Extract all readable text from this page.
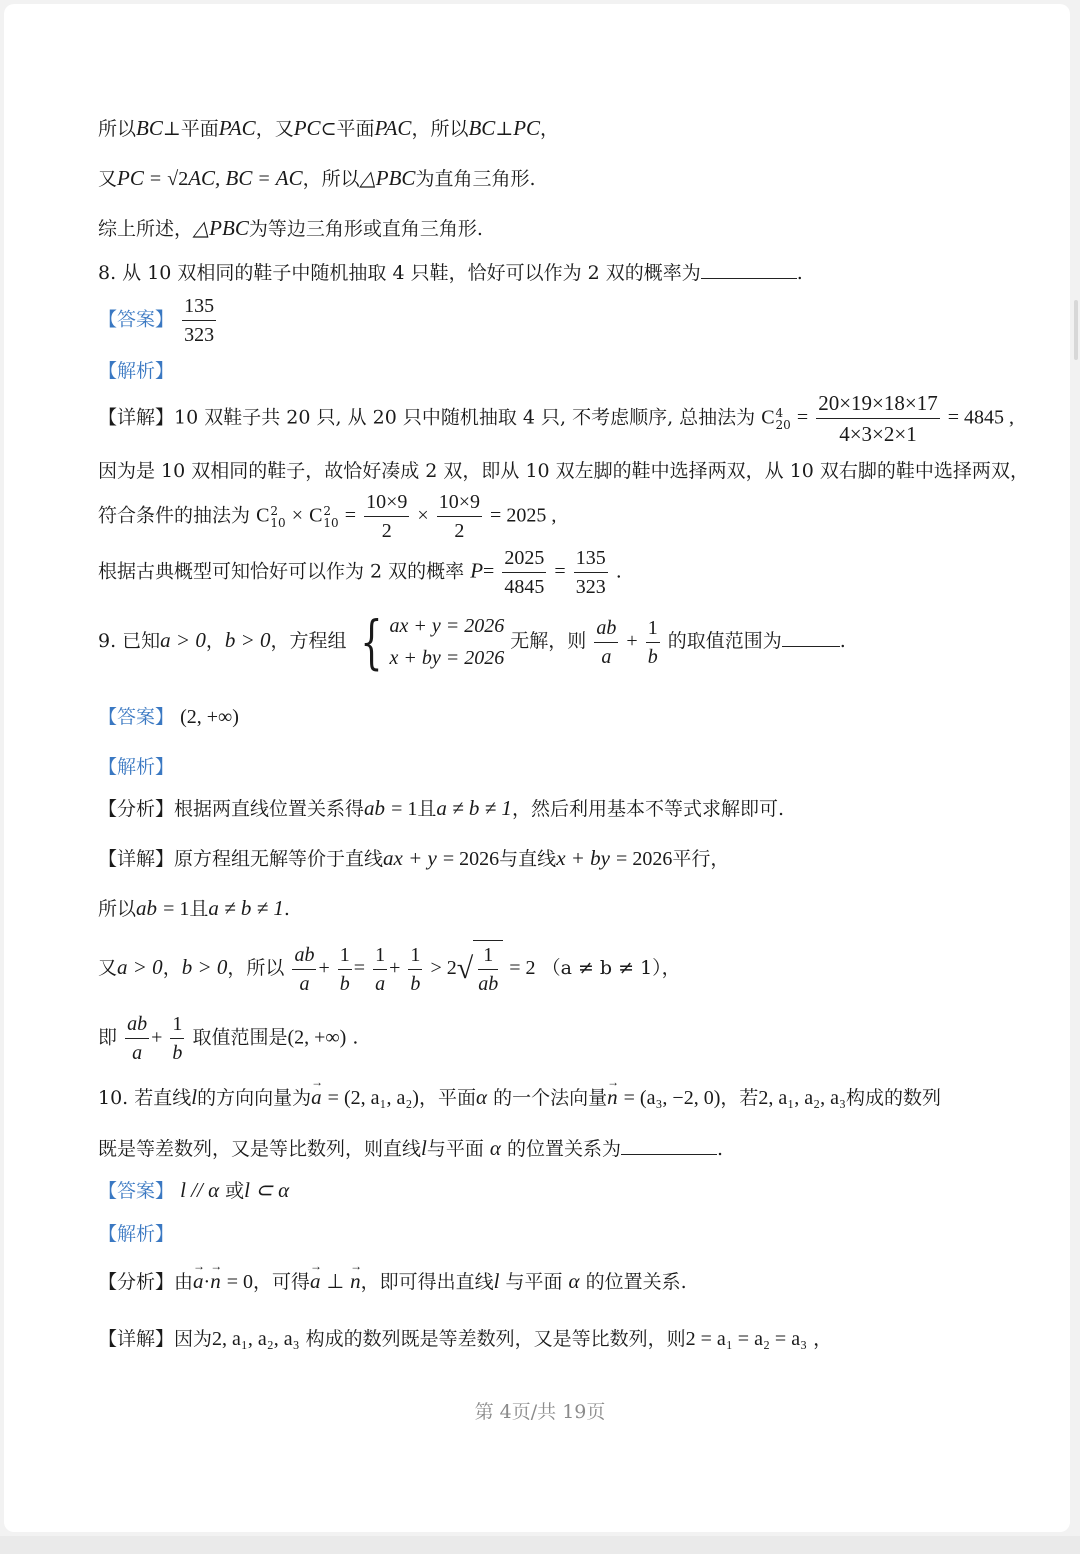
所以BC⊥平面PAC，又PC⊂平面PAC，所以BC⊥PC，
又PC = √2AC, BC = AC，所以△PBC为直角三角形.
综上所述，△PBC为等边三角形或直角三角形.
8. 从 10 双相同的鞋子中随机抽取 4 只鞋，恰好可以作为 2 双的概率为	.
【答案】 $\frac{135}{323}$
【解析】
【详解】10 双鞋子共 20 只, 从 20 只中随机抽取 4 只, 不考虑顺序, 总抽法为 C 4
$20 = \frac{20\times 19\times 18\times 17}{4\times 3\times 2\times 1} = 4845$ ,
因为是 10 双相同的鞋子，故恰好凑成 2 双，即从 10 双左脚的鞋中选择两双，从 10 双右脚的鞋中选择两双，
符合条件的抽法为 C 2
10 × C 2
$10 = \frac{10\times 9}{2} \times \frac{10\times 9}{2} = 2025$ ,
根据古典概型可知恰好可以作为 2 双的概率 $P= \frac{2025}{4845} = \frac{135}{323}$ .
9. 已知a > 0，b > 0，方程组 { ax + y = 2026
x + by = 2026
无解，则 $\frac{ab}{a} + \frac{1}{b}$ 的取值范围为	.
【答案】 (2, +∞)
【解析】
【分析】根据两直线位置关系得ab = 1且a ≠ b ≠ 1，然后利用基本不等式求解即可.
【详解】原方程组无解等价于直线ax + y = 2026与直线x + by = 2026平行，
所以ab = 1且a ≠ b ≠ 1.
又a > 0，b > 0，所以 $\frac{ab}{a} + \frac{1}{b} = \frac{1}{a} + \frac{1}{b} > 2√ \frac{1}{ab} = 2$ （a ≠ b ≠ 1），
即 $\frac{ab}{a} + \frac{1}{b}$ 取值范围是(2, +∞) .
10. 若直线l的方向向量为→ a = (2, a₁, a₂)，平面α 的一个法向量→ n = (a₃, −2, 0)，若2, a₁, a₂, a₃构成的数列
既是等差数列，又是等比数列，则直线l与平面 α 的位置关系为	.
【答案】 l // α 或l ⊂ α
【解析】
【分析】由→ a·→ n = 0，可得→ a ⊥ → n，即可得出直线l 与平面 α 的位置关系.
【详解】因为2, a₁, a₂, a₃ 构成的数列既是等差数列，又是等比数列，则2 = a₁ = a₂ = a₃ ，
第 4页/共 19页
